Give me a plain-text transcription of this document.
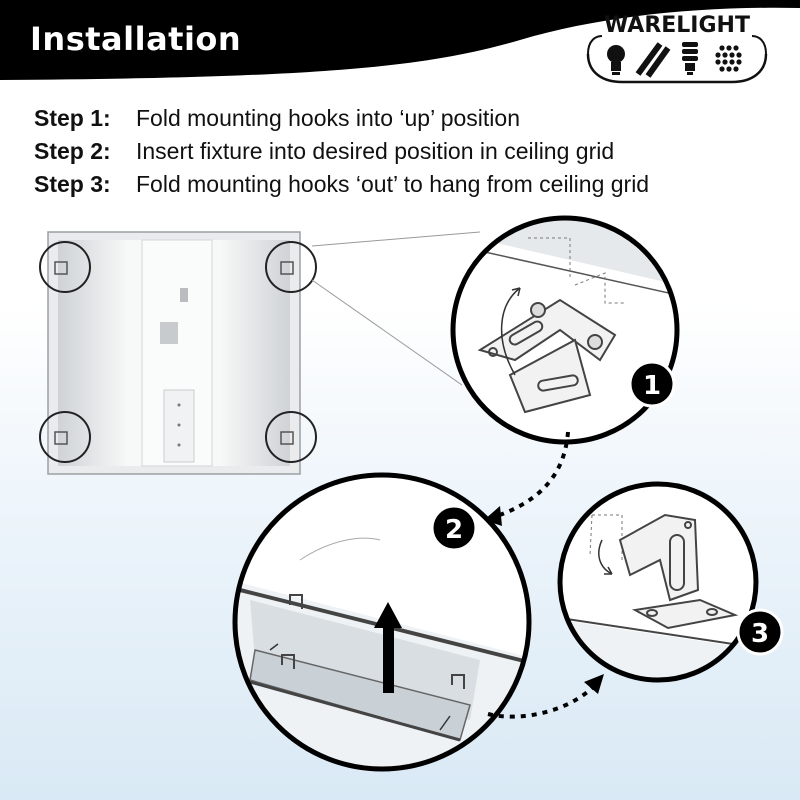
Installation	WARELIGHT
Step 1: Fold mounting hooks into ‘up’ position
Step 2: Insert fixture into desired position in ceiling grid
Step 3: Fold mounting hooks ‘out’ to hang from ceiling grid
1
2
3
